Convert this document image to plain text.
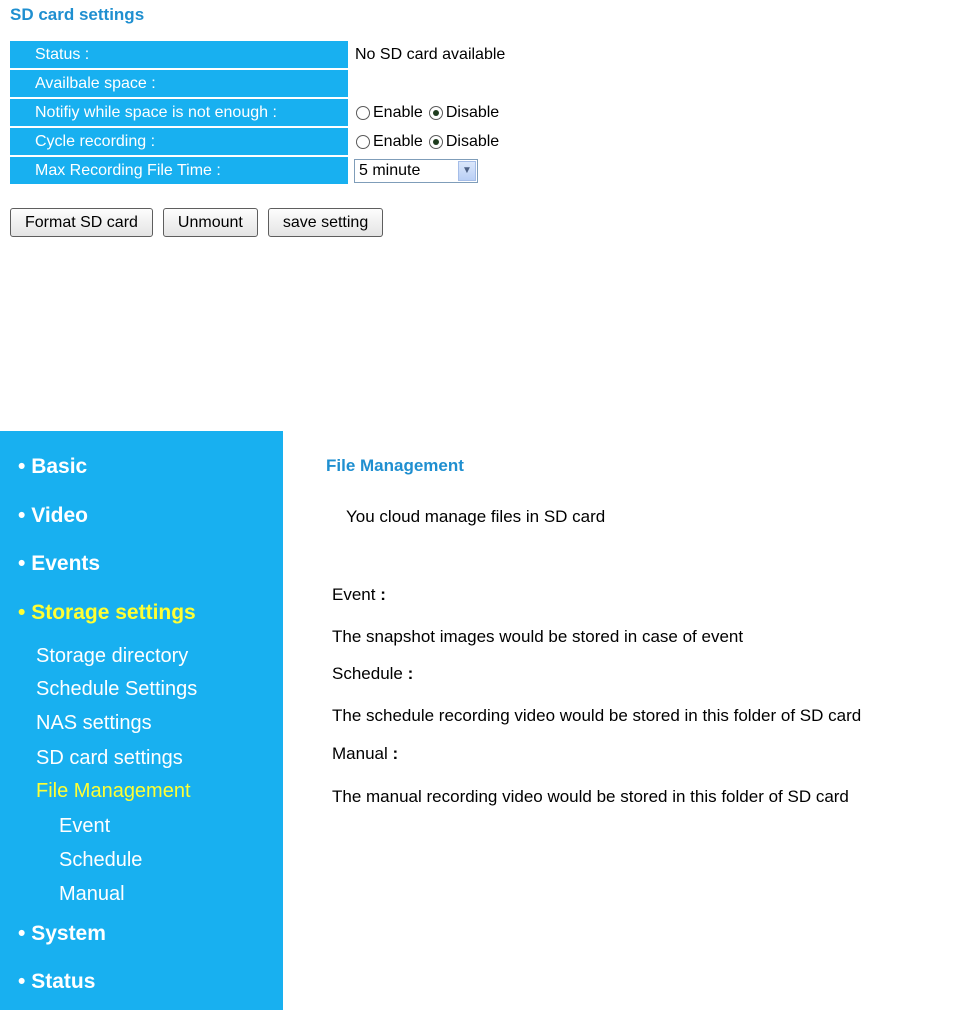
SD card settings
Status :	No SD card available
Availbale space :
Notifiy while space is not enough :	Enable Disable
Cycle recording :	Enable Disable
Max Recording File Time :	5 minute	▼
Format SD card	Unmount	save setting
• Basic
• Video
• Events
• Storage settings
Storage directory
Schedule Settings
NAS settings
SD card settings
File Management
Event
Schedule
Manual
• System
• Status
File Management
You cloud manage files in SD card
Event :
The snapshot images would be stored in case of event
Schedule :
The schedule recording video would be stored in this folder of SD card
Manual :
The manual recording video would be stored in this folder of SD card
